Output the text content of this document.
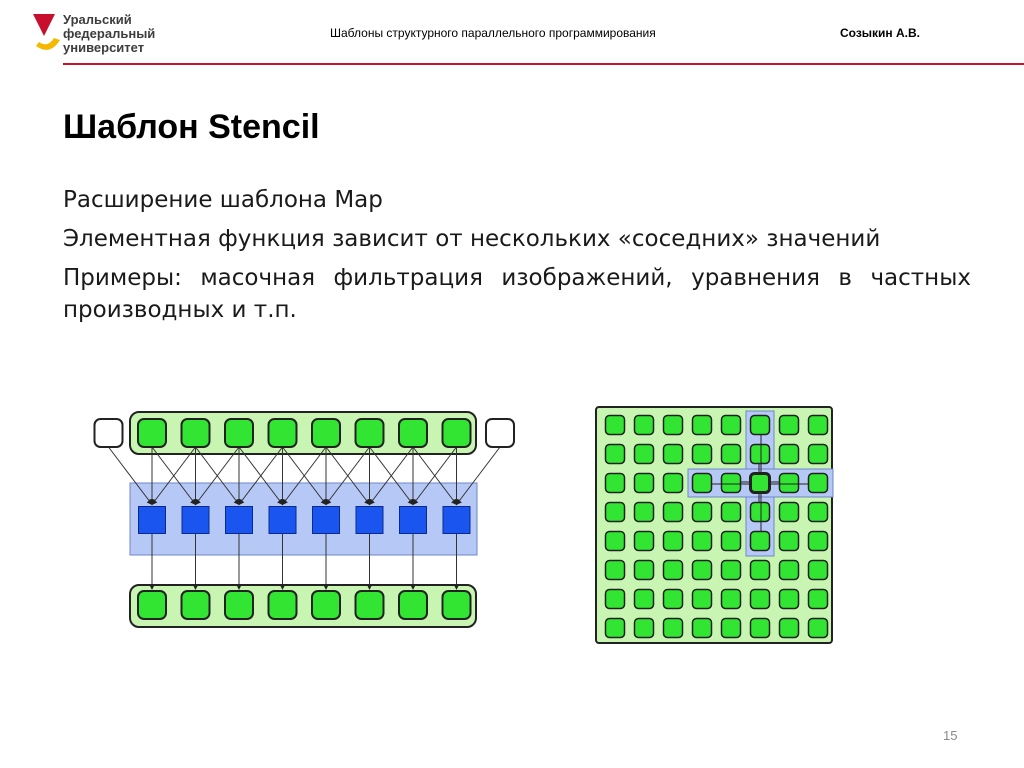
Уральский
федеральный
университет
Шаблоны структурного параллельного программирования	Созыкин А.В.
Шаблон Stencil

Расширение шаблона Map

Элементная функция зависит от нескольких «соседних» значений

Примеры: масочная фильтрация изображений, уравнения в частных производных и т.п.

15
